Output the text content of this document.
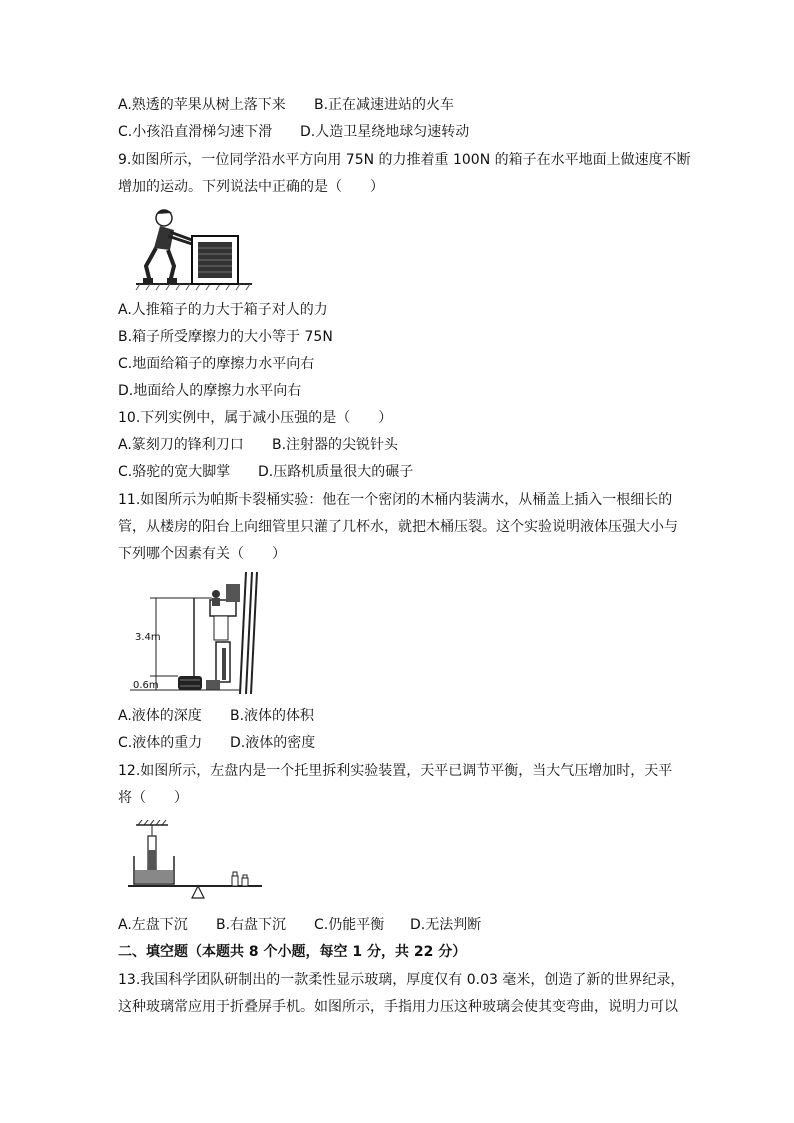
A.熟透的苹果从树上落下来 B.正在减速进站的火车
C.小孩沿直滑梯匀速下滑 D.人造卫星绕地球匀速转动
9.如图所示，一位同学沿水平方向用 75N 的力推着重 100N 的箱子在水平地面上做速度不断
增加的运动。下列说法中正确的是（　　）
A.人推箱子的力大于箱子对人的力
B.箱子所受摩擦力的大小等于 75N
C.地面给箱子的摩擦力水平向右
D.地面给人的摩擦力水平向右
10.下列实例中，属于减小压强的是（　　）
A.篆刻刀的锋利刀口 B.注射器的尖锐针头
C.骆驼的宽大脚掌 D.压路机质量很大的碾子
11.如图所示为帕斯卡裂桶实验：他在一个密闭的木桶内装满水，从桶盖上插入一根细长的
管，从楼房的阳台上向细管里只灌了几杯水，就把木桶压裂。这个实验说明液体压强大小与
下列哪个因素有关（　　）
3.4m
0.6m
A.液体的深度 B.液体的体积
C.液体的重力 D.液体的密度
12.如图所示，左盘内是一个托里拆利实验装置，天平已调节平衡，当大气压增加时，天平
将（　　）
A.左盘下沉 B.右盘下沉 C.仍能平衡 D.无法判断
二、填空题（本题共 8 个小题，每空 1 分，共 22 分）
13.我国科学团队研制出的一款柔性显示玻璃，厚度仅有 0.03 毫米，创造了新的世界纪录，
这种玻璃常应用于折叠屏手机。如图所示，手指用力压这种玻璃会使其变弯曲，说明力可以
